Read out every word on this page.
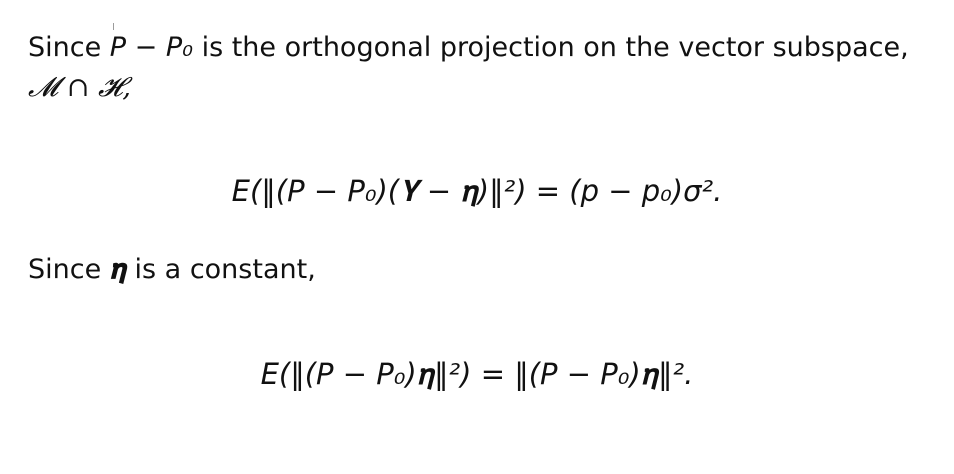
I
Since P − P₀ is the orthogonal projection on the vector subspace,
𝓜 ∩ 𝓗,
E(‖(P − P₀)(𝐘 − 𝛈)‖²) = (p − p₀)σ².
Since 𝛈 is a constant,
E(‖(P − P₀)𝛈‖²) = ‖(P − P₀)𝛈‖².
